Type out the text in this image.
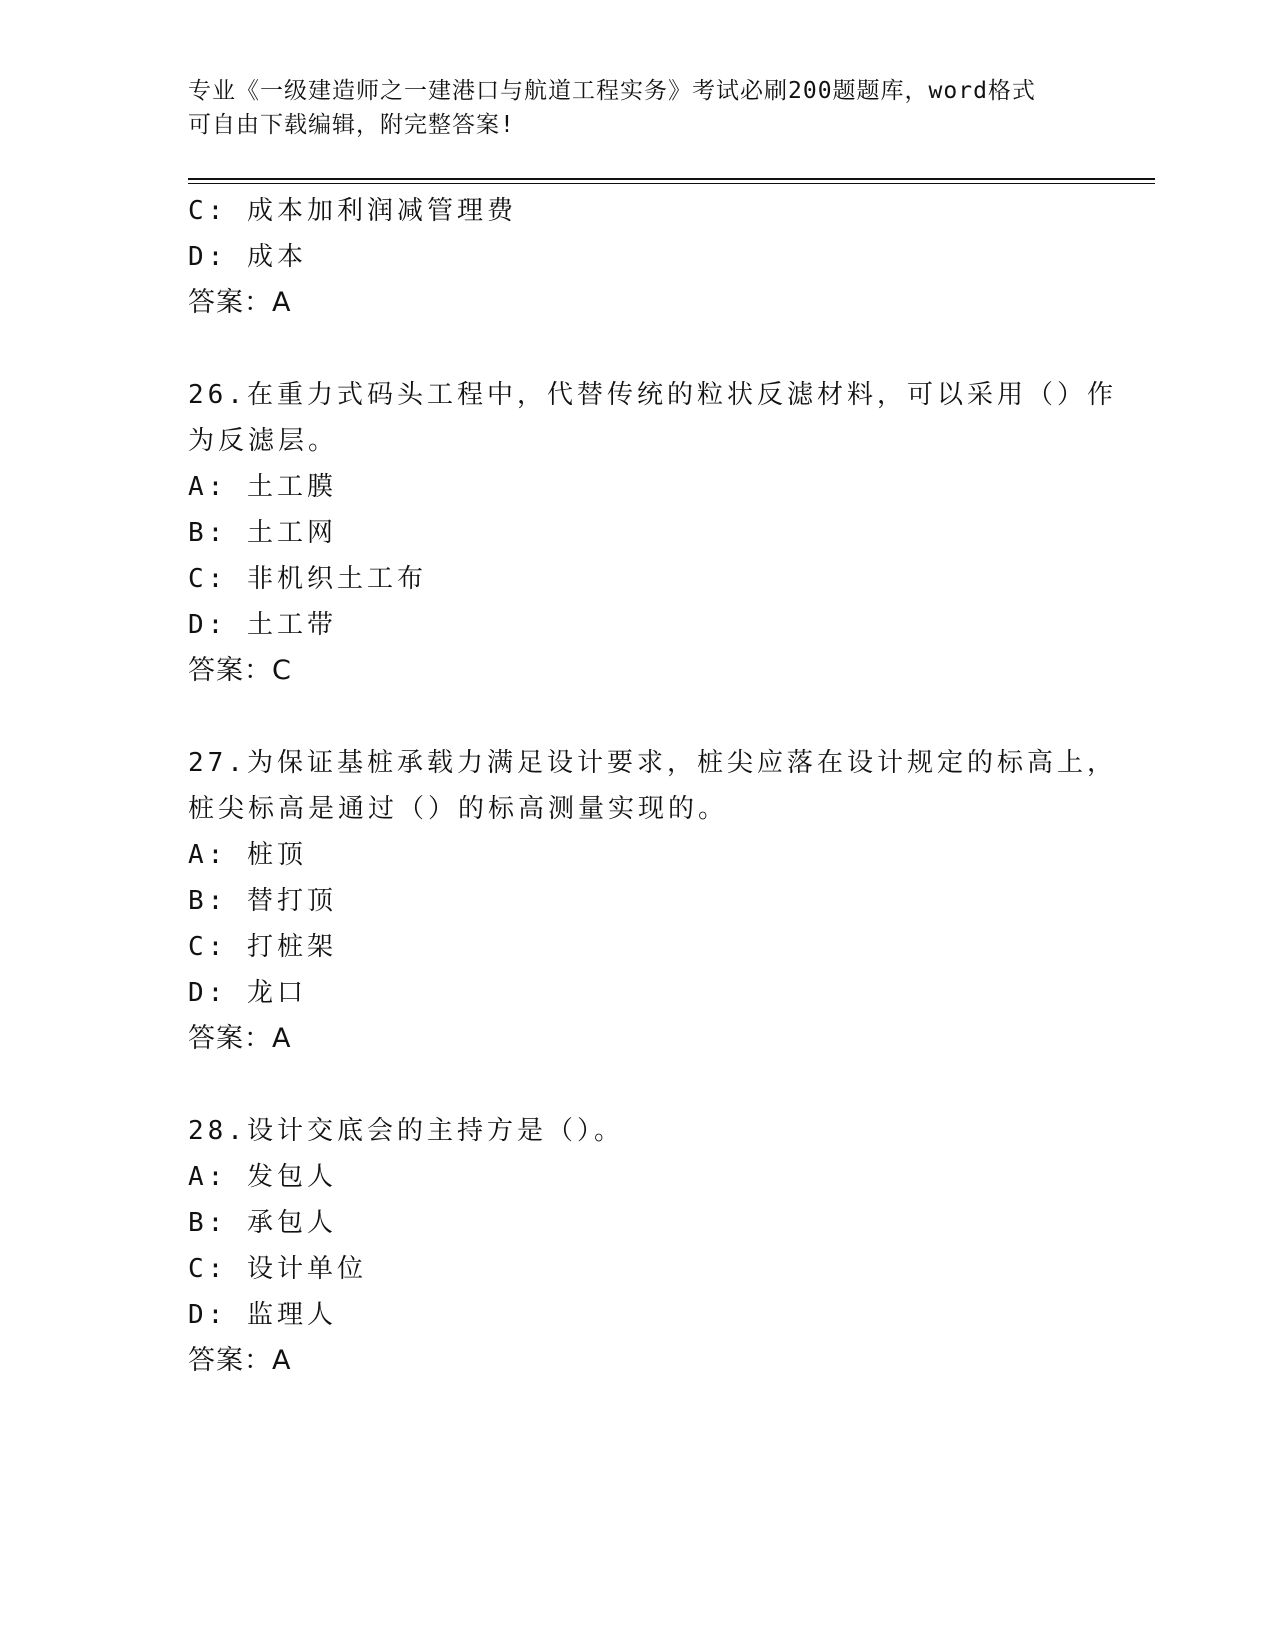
专业《一级建造师之一建港口与航道工程实务》考试必刷200题题库，word格式
可自由下载编辑，附完整答案!
C: 成本加利润减管理费
D: 成本
答案：A
26.在重力式码头工程中，代替传统的粒状反滤材料，可以采用（）作
为反滤层。
A: 土工膜
B: 土工网
C: 非机织土工布
D: 土工带
答案：C
27.为保证基桩承载力满足设计要求，桩尖应落在设计规定的标高上，
桩尖标高是通过（）的标高测量实现的。
A: 桩顶
B: 替打顶
C: 打桩架
D: 龙口
答案：A
28.设计交底会的主持方是（）。
A: 发包人
B: 承包人
C: 设计单位
D: 监理人
答案：A
